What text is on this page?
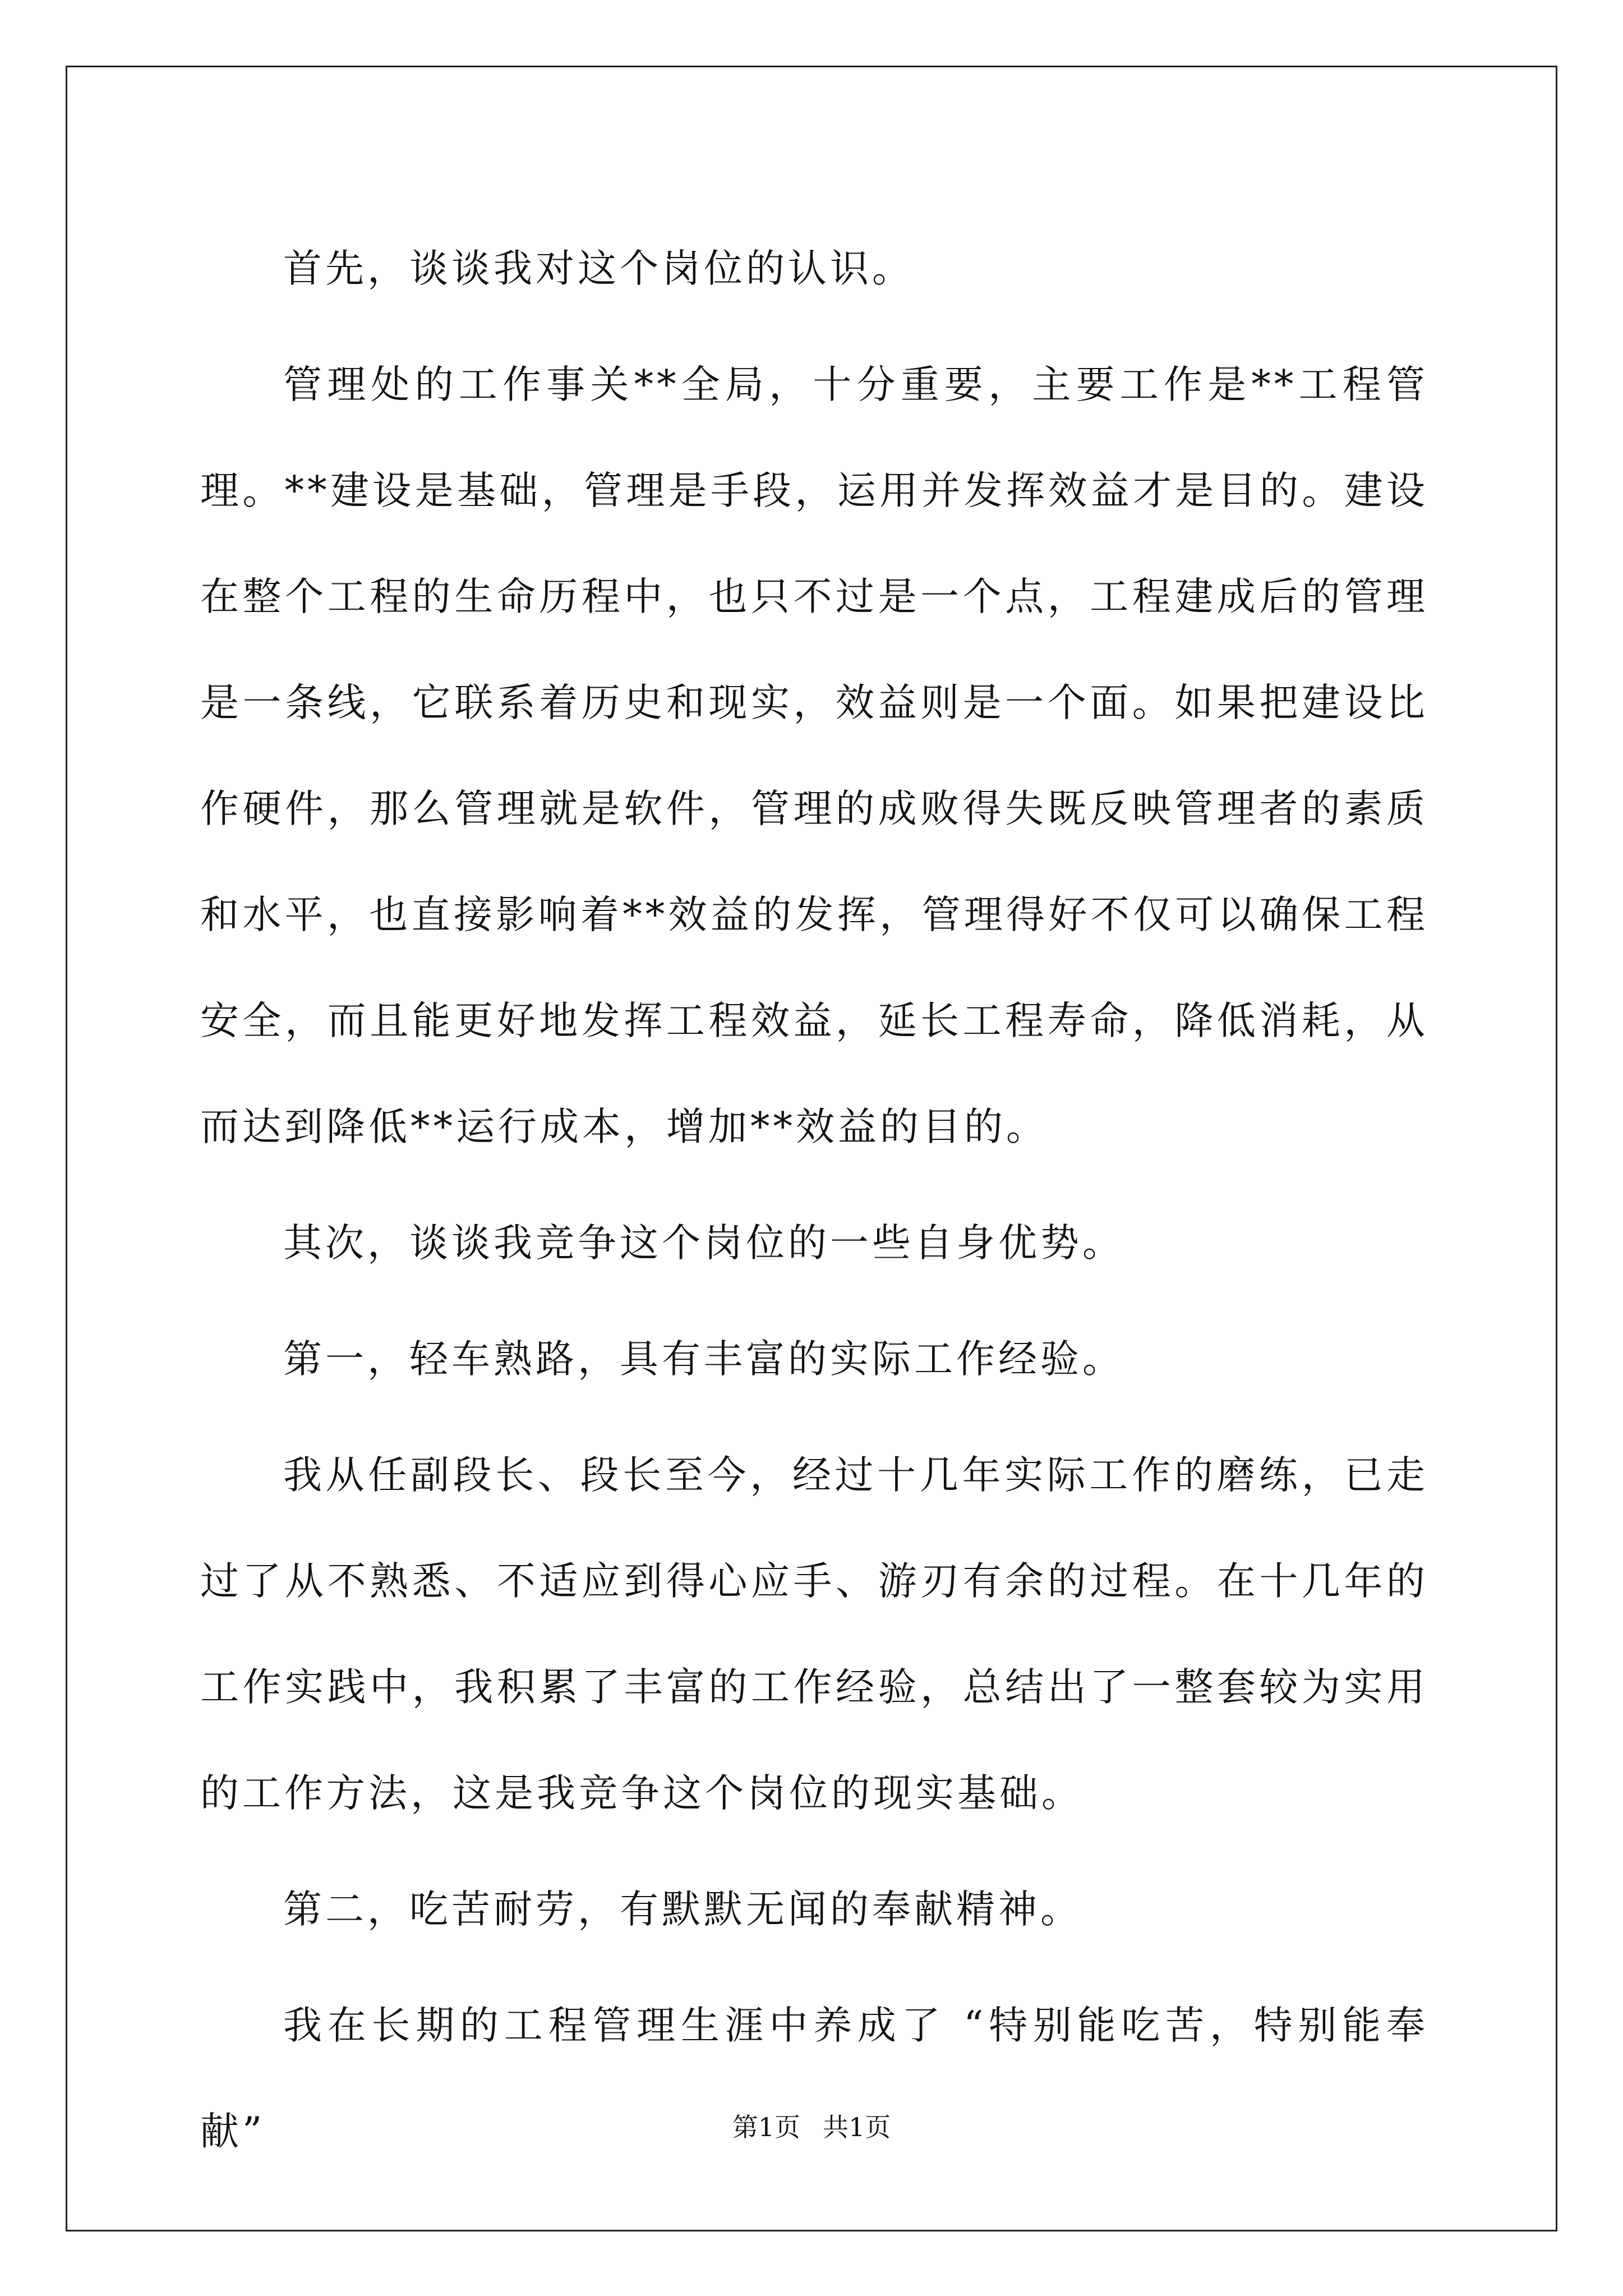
首先，谈谈我对这个岗位的认识。

管理处的工作事关**全局，十分重要，主要工作是**工程管理。**建设是基础，管理是手段，运用并发挥效益才是目的。建设在整个工程的生命历程中，也只不过是一个点，工程建成后的管理是一条线，它联系着历史和现实，效益则是一个面。如果把建设比作硬件，那么管理就是软件，管理的成败得失既反映管理者的素质和水平，也直接影响着**效益的发挥，管理得好不仅可以确保工程安全，而且能更好地发挥工程效益，延长工程寿命，降低消耗，从而达到降低**运行成本，增加**效益的目的。

其次，谈谈我竞争这个岗位的一些自身优势。

第一，轻车熟路，具有丰富的实际工作经验。

我从任副段长、段长至今，经过十几年实际工作的磨练，已走过了从不熟悉、不适应到得心应手、游刃有余的过程。在十几年的工作实践中，我积累了丰富的工作经验，总结出了一整套较为实用的工作方法，这是我竞争这个岗位的现实基础。

第二，吃苦耐劳，有默默无闻的奉献精神。

我在长期的工程管理生涯中养成了 “特别能吃苦，特别能奉献”	第1页 共1页
